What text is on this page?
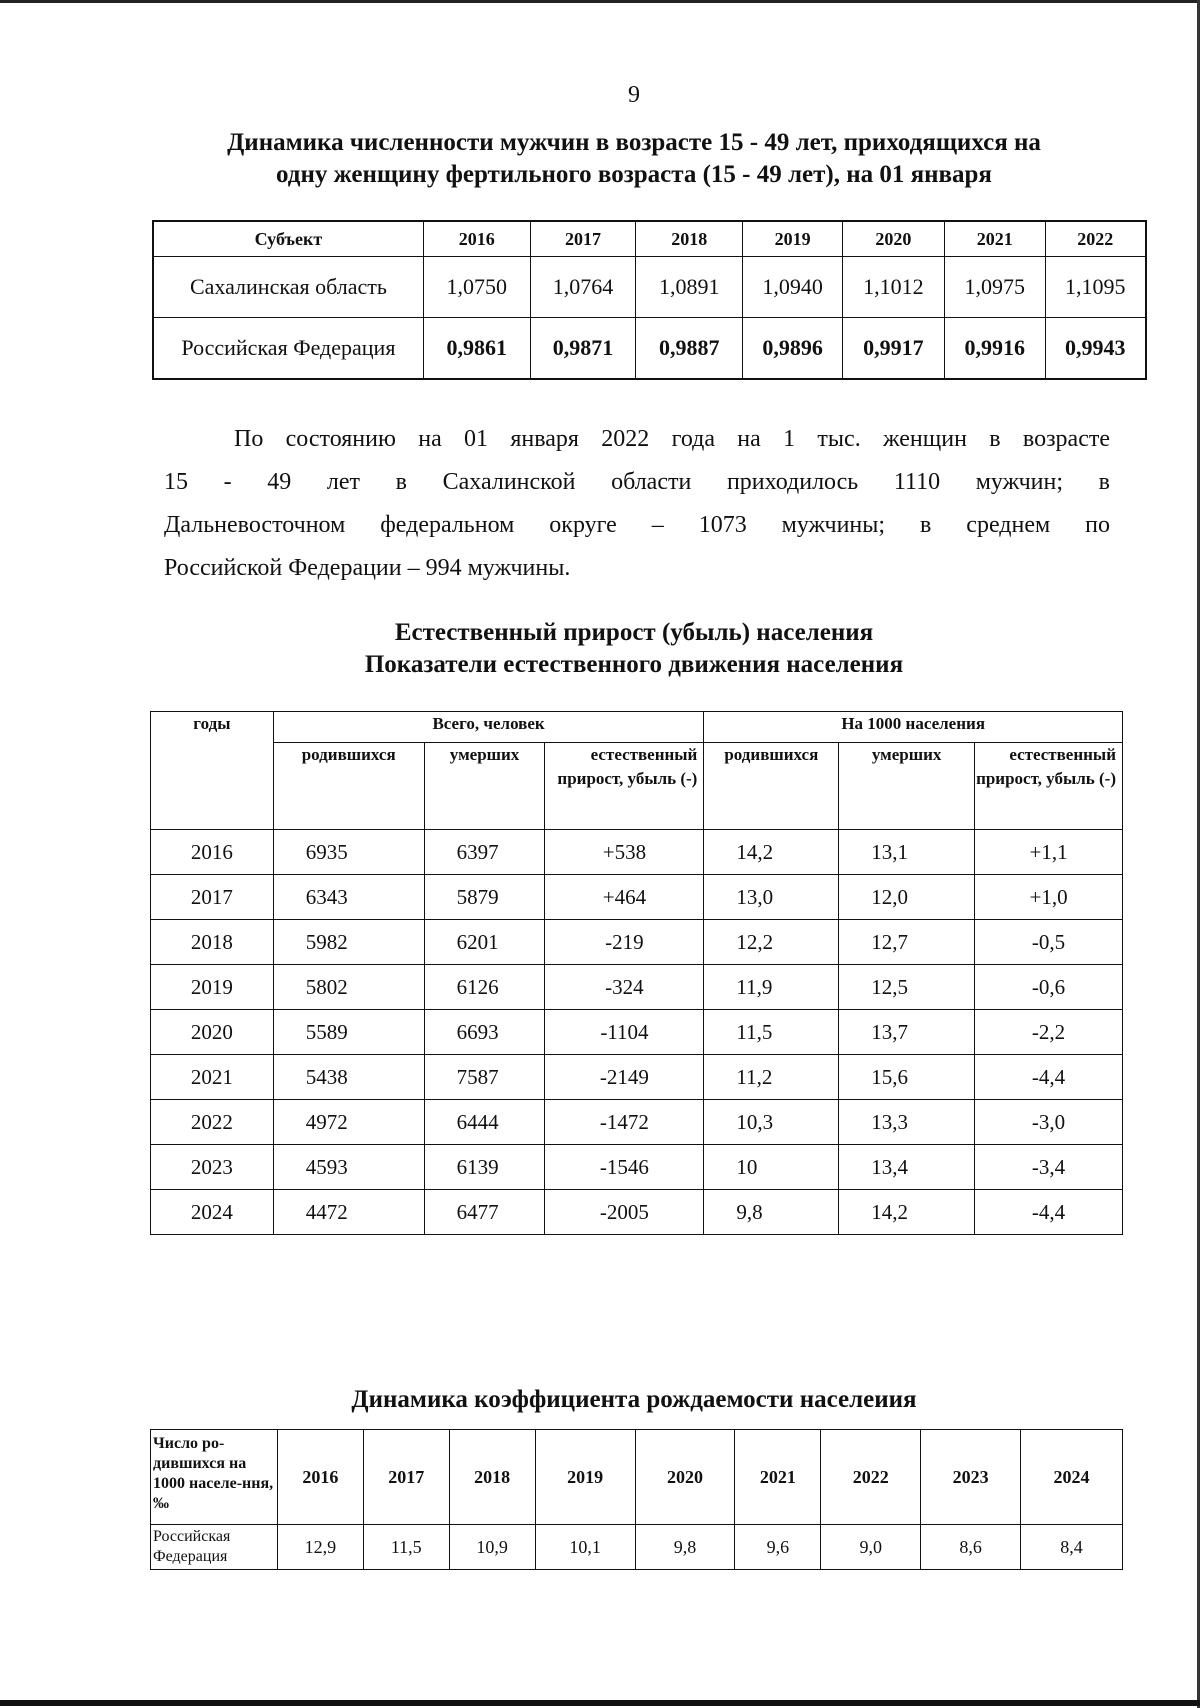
9
Динамика численности мужчин в возрасте 15 - 49 лет, приходящихся на
одну женщину фертильного возраста (15 - 49 лет), на 01 января
Субъект	2016	2017	2018	2019	2020	2021	2022
Сахалинская область	1,0750	1,0764	1,0891	1,0940	1,1012	1,0975	1,1095
Российская Федерация	0,9861	0,9871	0,9887	0,9896	0,9917	0,9916	0,9943
По состоянию на 01 января 2022 года на 1 тыс. женщин в возрасте
15 - 49 лет в Сахалинской области приходилось 1110 мужчин; в
Дальневосточном федеральном округе – 1073 мужчины; в среднем по
Российской Федерации – 994 мужчины.
Естественный прирост (убыль) населения
Показатели естественного движения населения
годы	Всего, человек			На 1000 населения		
	родившихся	умерших	естественный прирост, убыль (-)	родившихся	умерших	естественный прирост, убыль (-)
2016	6935	6397	+538	14,2	13,1	+1,1
2017	6343	5879	+464	13,0	12,0	+1,0
2018	5982	6201	-219	12,2	12,7	-0,5
2019	5802	6126	-324	11,9	12,5	-0,6
2020	5589	6693	-1104	11,5	13,7	-2,2
2021	5438	7587	-2149	11,2	15,6	-4,4
2022	4972	6444	-1472	10,3	13,3	-3,0
2023	4593	6139	-1546	10	13,4	-3,4
2024	4472	6477	-2005	9,8	14,2	-4,4
Динамика коэффициента рождаемости населеиия
Число ро-дившихся на 1000 населе-ння, ‰	2016	2017	2018	2019	2020	2021	2022	2023	2024
Российская Федерация	12,9	11,5	10,9	10,1	9,8	9,6	9,0	8,6	8,4
